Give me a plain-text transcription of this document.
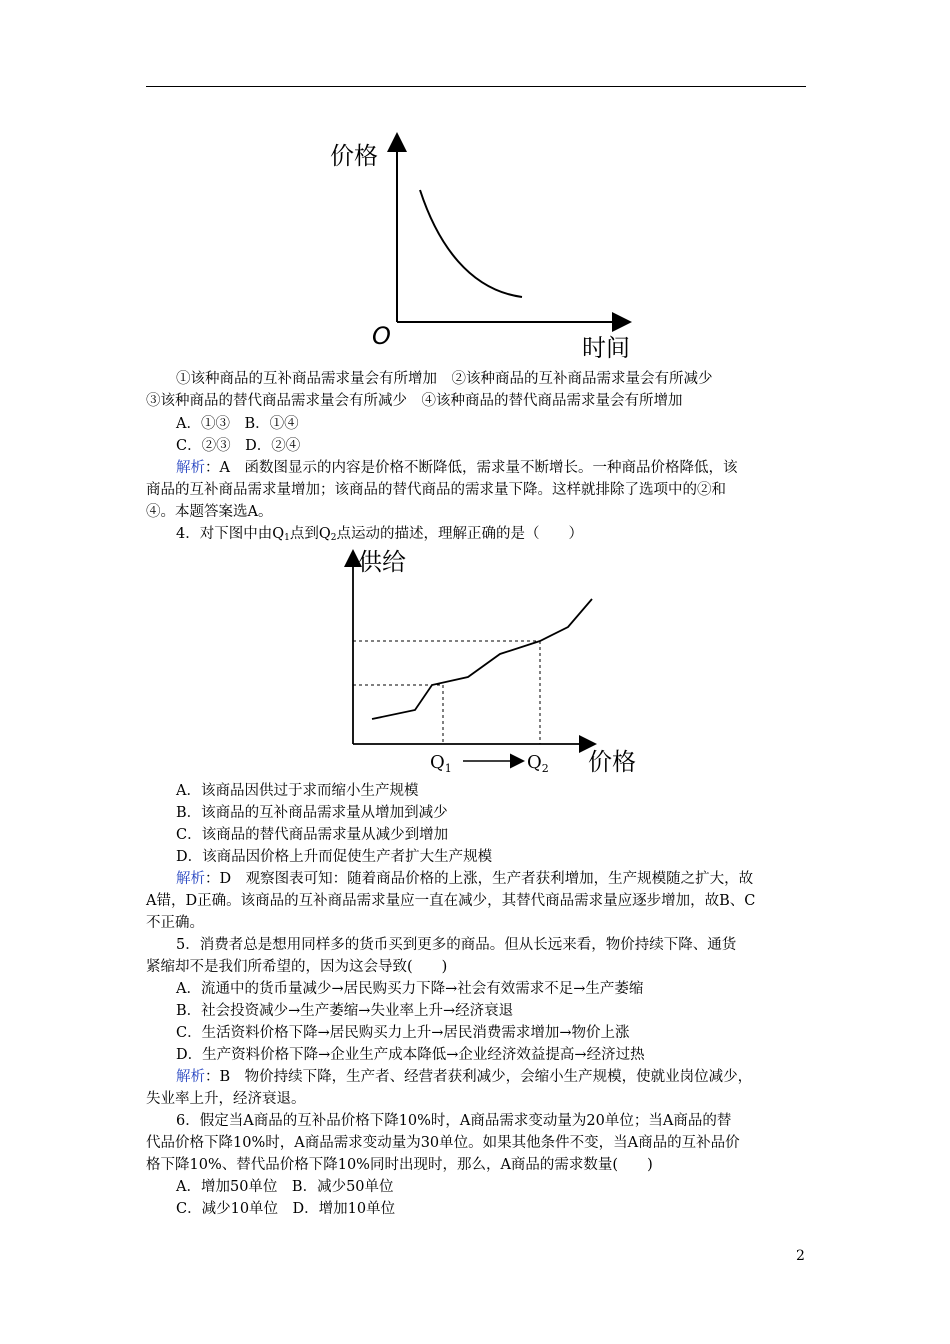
价格
时间
O
①该种商品的互补商品需求量会有所增加　②该种商品的互补商品需求量会有所减少
③该种商品的替代商品需求量会有所减少　④该种商品的替代商品需求量会有所增加
A．①③　B．①④
C．②③　D．②④
解析：A　函数图显示的内容是价格不断降低，需求量不断增长。一种商品价格降低，该
商品的互补商品需求量增加；该商品的替代商品的需求量下降。这样就排除了选项中的②和
④。本题答案选A。
4．对下图中由$Q_1$点到$Q_2$点运动的描述，理解正确的是（　　）
供给
价格
$Q_1$	$Q_2$
A．该商品因供过于求而缩小生产规模
B．该商品的互补商品需求量从增加到减少
C．该商品的替代商品需求量从减少到增加
D．该商品因价格上升而促使生产者扩大生产规模
解析：D　观察图表可知：随着商品价格的上涨，生产者获利增加，生产规模随之扩大，故
A错，D正确。该商品的互补商品需求量应一直在减少，其替代商品需求量应逐步增加，故B、C
不正确。
5．消费者总是想用同样多的货币买到更多的商品。但从长远来看，物价持续下降、通货
紧缩却不是我们所希望的，因为这会导致(　　)
A．流通中的货币量减少→居民购买力下降→社会有效需求不足→生产萎缩
B．社会投资减少→生产萎缩→失业率上升→经济衰退
C．生活资料价格下降→居民购买力上升→居民消费需求增加→物价上涨
D．生产资料价格下降→企业生产成本降低→企业经济效益提高→经济过热
解析：B　物价持续下降，生产者、经营者获利减少，会缩小生产规模，使就业岗位减少，
失业率上升，经济衰退。
6．假定当A商品的互补品价格下降10%时，A商品需求变动量为20单位；当A商品的替
代品价格下降10%时，A商品需求变动量为30单位。如果其他条件不变，当A商品的互补品价
格下降10%、替代品价格下降10%同时出现时，那么，A商品的需求数量(　　)
A．增加50单位　B．减少50单位
C．减少10单位　D．增加10单位
2
